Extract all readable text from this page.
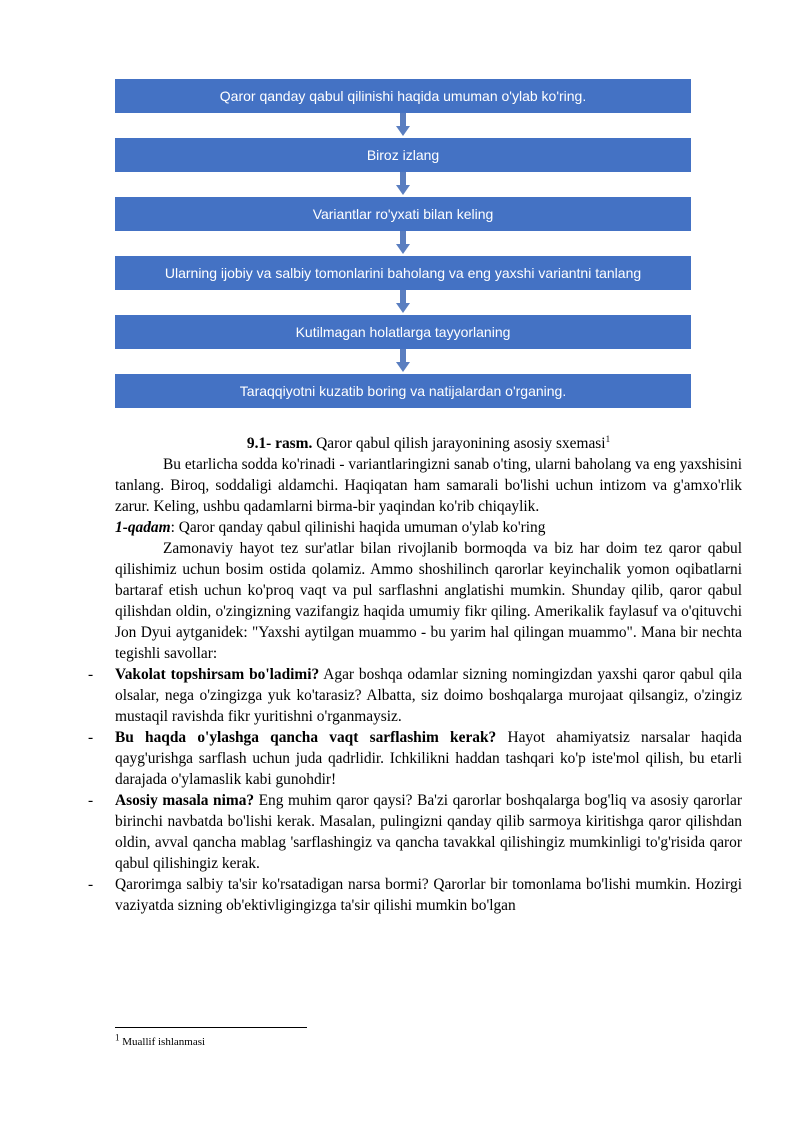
Qaror qanday qabul qilinishi haqida umuman o'ylab ko'ring.
Biroz izlang
Variantlar ro'yxati bilan keling
Ularning ijobiy va salbiy tomonlarini baholang va eng yaxshi variantni tanlang
Kutilmagan holatlarga tayyorlaning
Taraqqiyotni kuzatib boring va natijalardan o'rganing.
9.1- rasm. Qaror qabul qilish jarayonining asosiy sxemasi$^1$

Bu etarlicha sodda ko'rinadi - variantlaringizni sanab o'ting, ularni baholang va eng yaxshisini tanlang. Biroq, soddaligi aldamchi. Haqiqatan ham samarali bo'lishi uchun intizom va g'amxo'rlik zarur. Keling, ushbu qadamlarni birma-bir yaqindan ko'rib chiqaylik.

1-qadam: Qaror qanday qabul qilinishi haqida umuman o'ylab ko'ring

Zamonaviy hayot tez sur'atlar bilan rivojlanib bormoqda va biz har doim tez qaror qabul qilishimiz uchun bosim ostida qolamiz. Ammo shoshilinch qarorlar keyinchalik yomon oqibatlarni bartaraf etish uchun ko'proq vaqt va pul sarflashni anglatishi mumkin. Shunday qilib, qaror qabul qilishdan oldin, o'zingizning vazifangiz haqida umumiy fikr qiling. Amerikalik faylasuf va o'qituvchi Jon Dyui aytganidek: "Yaxshi aytilgan muammo - bu yarim hal qilingan muammo". Mana bir nechta tegishli savollar:

- Vakolat topshirsam bo'ladimi? Agar boshqa odamlar sizning nomingizdan yaxshi qaror qabul qila olsalar, nega o'zingizga yuk ko'tarasiz? Albatta, siz doimo boshqalarga murojaat qilsangiz, o'zingiz mustaqil ravishda fikr yuritishni o'rganmaysiz.

- Bu haqda o'ylashga qancha vaqt sarflashim kerak? Hayot ahamiyatsiz narsalar haqida qayg'urishga sarflash uchun juda qadrlidir. Ichkilikni haddan tashqari ko'p iste'mol qilish, bu etarli darajada o'ylamaslik kabi gunohdir!

- Asosiy masala nima? Eng muhim qaror qaysi? Ba'zi qarorlar boshqalarga bog'liq va asosiy qarorlar birinchi navbatda bo'lishi kerak. Masalan, pulingizni qanday qilib sarmoya kiritishga qaror qilishdan oldin, avval qancha mablag 'sarflashingiz va qancha tavakkal qilishingiz mumkinligi to'g'risida qaror qabul qilishingiz kerak.

- Qarorimga salbiy ta'sir ko'rsatadigan narsa bormi? Qarorlar bir tomonlama bo'lishi mumkin. Hozirgi vaziyatda sizning ob'ektivligingizga ta'sir qilishi mumkin bo'lgan

$^1$ Muallif ishlanmasi
